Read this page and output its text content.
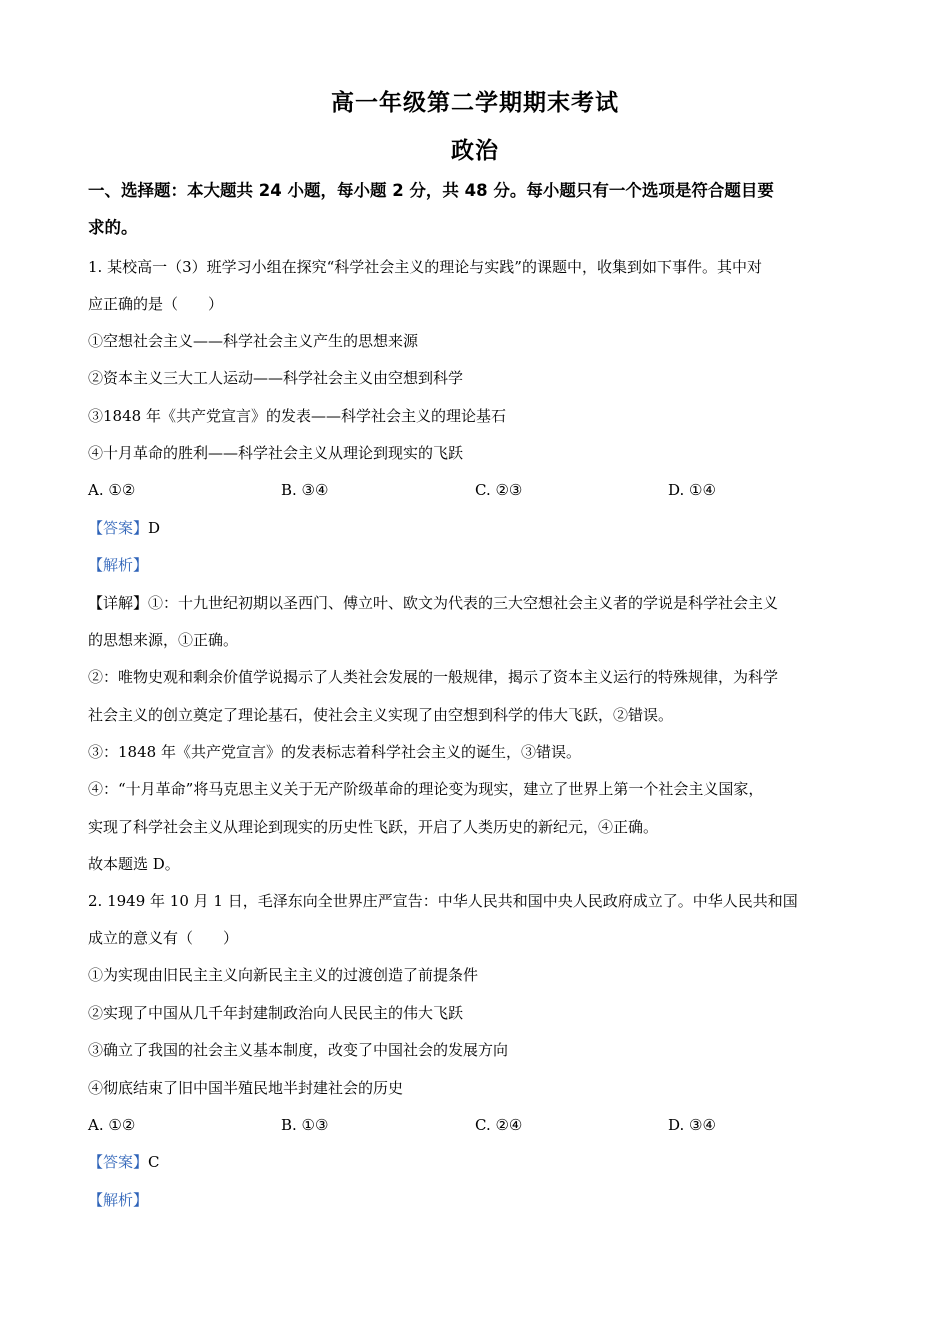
高一年级第二学期期末考试
政治
一、选择题：本大题共 24 小题，每小题 2 分，共 48 分。每小题只有一个选项是符合题目要
求的。
1. 某校高一（3）班学习小组在探究“科学社会主义的理论与实践”的课题中，收集到如下事件。其中对
应正确的是（　　）
①空想社会主义——科学社会主义产生的思想来源
②资本主义三大工人运动——科学社会主义由空想到科学
③1848 年《共产党宣言》的发表——科学社会主义的理论基石
④十月革命的胜利——科学社会主义从理论到现实的飞跃
A. ①②	B. ③④	C. ②③	D. ①④
【答案】D
【解析】
【详解】①：十九世纪初期以圣西门、傅立叶、欧文为代表的三大空想社会主义者的学说是科学社会主义
的思想来源，①正确。
②：唯物史观和剩余价值学说揭示了人类社会发展的一般规律，揭示了资本主义运行的特殊规律，为科学
社会主义的创立奠定了理论基石，使社会主义实现了由空想到科学的伟大飞跃，②错误。
③：1848 年《共产党宣言》的发表标志着科学社会主义的诞生，③错误。
④：“十月革命”将马克思主义关于无产阶级革命的理论变为现实，建立了世界上第一个社会主义国家，
实现了科学社会主义从理论到现实的历史性飞跃，开启了人类历史的新纪元，④正确。
故本题选 D。
2. 1949 年 10 月 1 日，毛泽东向全世界庄严宣告：中华人民共和国中央人民政府成立了。中华人民共和国
成立的意义有（　　）
①为实现由旧民主主义向新民主主义的过渡创造了前提条件
②实现了中国从几千年封建制政治向人民民主的伟大飞跃
③确立了我国的社会主义基本制度，改变了中国社会的发展方向
④彻底结束了旧中国半殖民地半封建社会的历史
A. ①②	B. ①③	C. ②④	D. ③④
【答案】C
【解析】
